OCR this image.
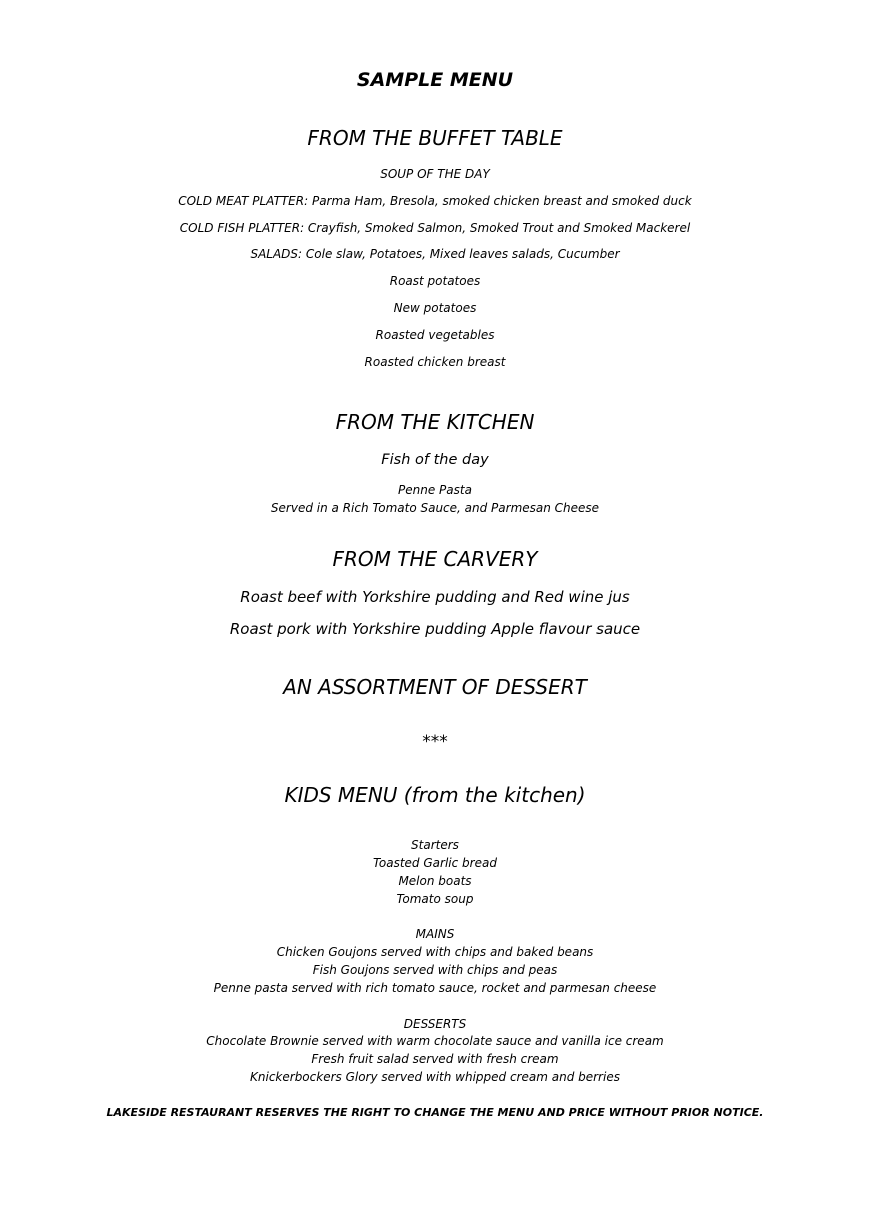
SAMPLE MENU
FROM THE BUFFET TABLE
SOUP OF THE DAY
COLD MEAT PLATTER: Parma Ham, Bresola, smoked chicken breast and smoked duck
COLD FISH PLATTER: Crayfish, Smoked Salmon, Smoked Trout and Smoked Mackerel
SALADS: Cole slaw, Potatoes, Mixed leaves salads, Cucumber
Roast potatoes
New potatoes
Roasted vegetables
Roasted chicken breast
FROM THE KITCHEN
Fish of the day
Penne Pasta
Served in a Rich Tomato Sauce, and Parmesan Cheese
FROM THE CARVERY
Roast beef with Yorkshire pudding and Red wine jus
Roast pork with Yorkshire pudding Apple flavour sauce
AN ASSORTMENT OF DESSERT
***
KIDS MENU (from the kitchen)
Starters
Toasted Garlic bread
Melon boats
Tomato soup
MAINS
Chicken Goujons served with chips and baked beans
Fish Goujons served with chips and peas
Penne pasta served with rich tomato sauce, rocket and parmesan cheese
DESSERTS
Chocolate Brownie served with warm chocolate sauce and vanilla ice cream
Fresh fruit salad served with fresh cream
Knickerbockers Glory served with whipped cream and berries
LAKESIDE RESTAURANT RESERVES THE RIGHT TO CHANGE THE MENU AND PRICE WITHOUT PRIOR NOTICE.
